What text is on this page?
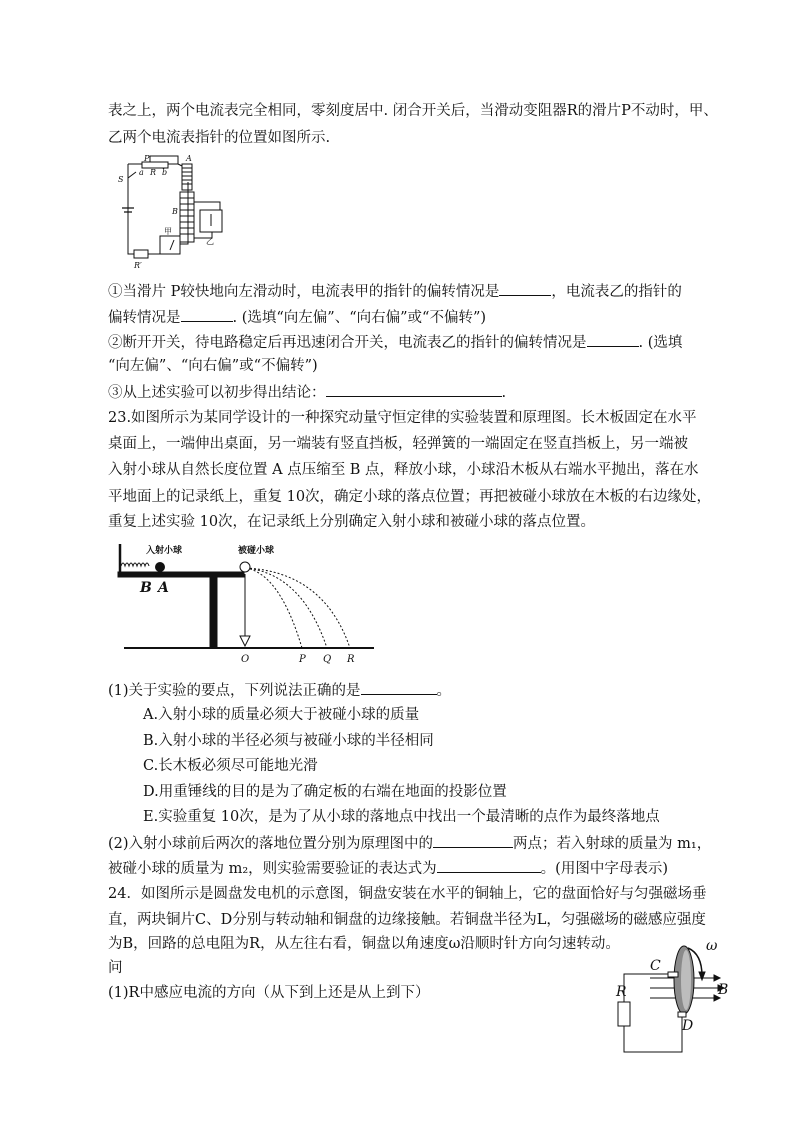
表之上，两个电流表完全相同，零刻度居中. 闭合开关后，当滑动变阻器R的滑片P不动时，甲、
乙两个电流表指针的位置如图所示.
P
R
a b
S
A
B
R′
甲
乙
①当滑片 P较快地向左滑动时，电流表甲的指针的偏转情况是	，电流表乙的指针的
偏转情况是	. (选填“向左偏”、“向右偏”或“不偏转”)
②断开开关，待电路稳定后再迅速闭合开关，电流表乙的指针的偏转情况是	. (选填
“向左偏”、“向右偏”或“不偏转”)
③从上述实验可以初步得出结论：	.
23.如图所示为某同学设计的一种探究动量守恒定律的实验装置和原理图。长木板固定在水平
桌面上，一端伸出桌面，另一端装有竖直挡板，轻弹簧的一端固定在竖直挡板上，另一端被
入射小球从自然长度位置 A 点压缩至 B 点，释放小球，小球沿木板从右端水平抛出，落在水
平地面上的记录纸上，重复 10次，确定小球的落点位置；再把被碰小球放在木板的右边缘处，
重复上述实验 10次，在记录纸上分别确定入射小球和被碰小球的落点位置。
入射小球	被碰小球
B A
O	P Q R
(1)关于实验的要点，下列说法正确的是	。
A.入射小球的质量必须大于被碰小球的质量
B.入射小球的半径必须与被碰小球的半径相同
C.长木板必须尽可能地光滑
D.用重锤线的目的是为了确定板的右端在地面的投影位置
E.实验重复 10次，是为了从小球的落地点中找出一个最清晰的点作为最终落地点
(2)入射小球前后两次的落地位置分别为原理图中的	两点；若入射球的质量为 m₁，
被碰小球的质量为 m₂，则实验需要验证的表达式为	。(用图中字母表示)
24．如图所示是圆盘发电机的示意图，铜盘安装在水平的铜轴上，它的盘面恰好与匀强磁场垂
直，两块铜片C、D分别与转动轴和铜盘的边缘接触。若铜盘半径为L，匀强磁场的磁感应强度
为B，回路的总电阻为R，从左往右看，铜盘以角速度ω沿顺时针方向匀速转动。
问
(1)R中感应电流的方向（从下到上还是从上到下）
ω
C
B
R
D
